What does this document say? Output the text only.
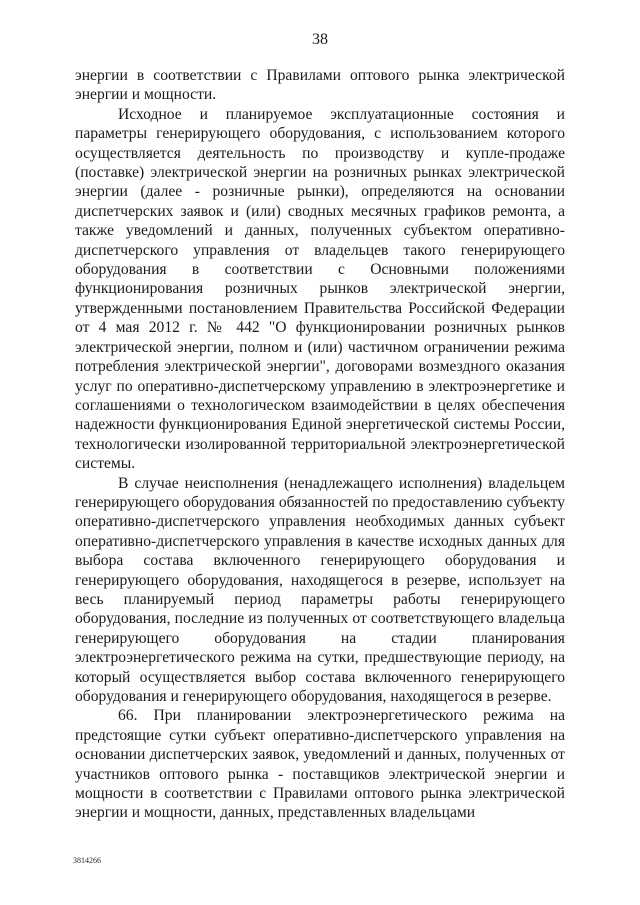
38

энергии в соответствии с Правилами оптового рынка электрической энергии и мощности.

Исходное и планируемое эксплуатационные состояния и параметры генерирующего оборудования, с использованием которого осуществляется деятельность по производству и купле-продаже (поставке) электрической энергии на розничных рынках электрической энергии (далее - розничные рынки), определяются на основании диспетчерских заявок и (или) сводных месячных графиков ремонта, а также уведомлений и данных, полученных субъектом оперативно-диспетчерского управления от владельцев такого генерирующего оборудования в соответствии с Основными положениями функционирования розничных рынков электрической энергии, утвержденными постановлением Правительства Российской Федерации от 4 мая 2012 г. № 442 "О функционировании розничных рынков электрической энергии, полном и (или) частичном ограничении режима потребления электрической энергии", договорами возмездного оказания услуг по оперативно-диспетчерскому управлению в электроэнергетике и соглашениями о технологическом взаимодействии в целях обеспечения надежности функционирования Единой энергетической системы России, технологически изолированной территориальной электроэнергетической системы.

В случае неисполнения (ненадлежащего исполнения) владельцем генерирующего оборудования обязанностей по предоставлению субъекту оперативно-диспетчерского управления необходимых данных субъект оперативно-диспетчерского управления в качестве исходных данных для выбора состава включенного генерирующего оборудования и генерирующего оборудования, находящегося в резерве, использует на весь планируемый период параметры работы генерирующего оборудования, последние из полученных от соответствующего владельца генерирующего оборудования на стадии планирования электроэнергетического режима на сутки, предшествующие периоду, на который осуществляется выбор состава включенного генерирующего оборудования и генерирующего оборудования, находящегося в резерве.

66. При планировании электроэнергетического режима на предстоящие сутки субъект оперативно-диспетчерского управления на основании диспетчерских заявок, уведомлений и данных, полученных от участников оптового рынка - поставщиков электрической энергии и мощности в соответствии с Правилами оптового рынка электрической энергии и мощности, данных, представленных владельцами

3814266
